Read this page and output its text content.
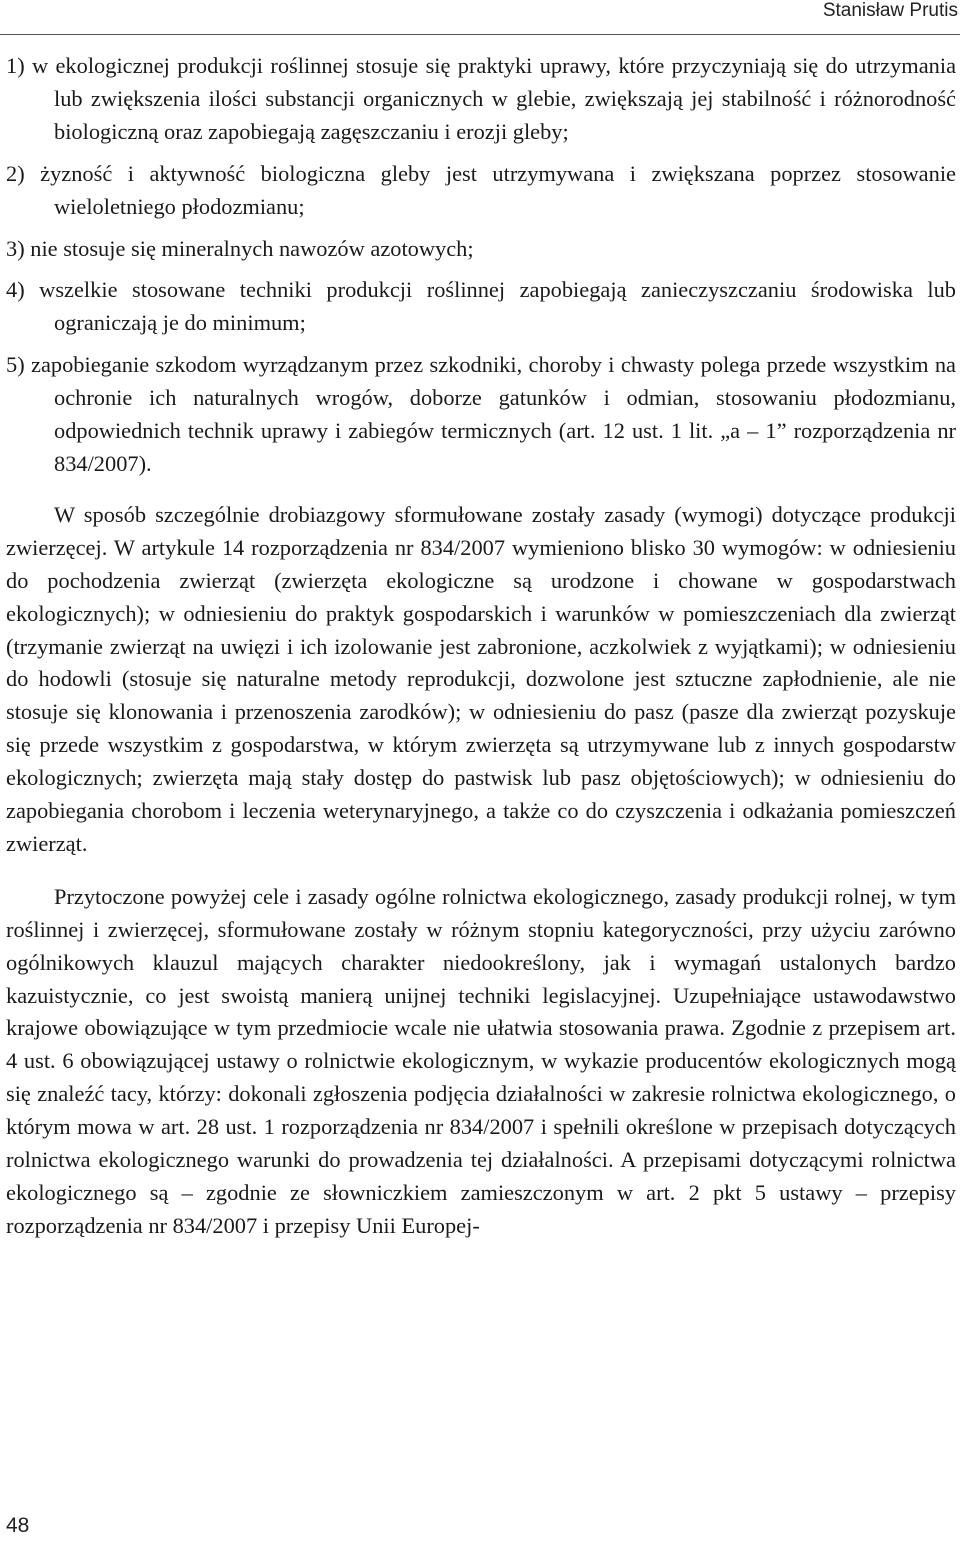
Stanisław Prutis
1) w ekologicznej produkcji roślinnej stosuje się praktyki uprawy, które przyczyniają się do utrzymania lub zwiększenia ilości substancji organicznych w glebie, zwiększają jej stabilność i różnorodność biologiczną oraz zapobiegają zagęszczaniu i erozji gleby;
2) żyzność i aktywność biologiczna gleby jest utrzymywana i zwiększana poprzez stosowanie wieloletniego płodozmianu;
3) nie stosuje się mineralnych nawozów azotowych;
4) wszelkie stosowane techniki produkcji roślinnej zapobiegają zanieczyszczaniu środowiska lub ograniczają je do minimum;
5) zapobieganie szkodom wyrządzanym przez szkodniki, choroby i chwasty polega przede wszystkim na ochronie ich naturalnych wrogów, doborze gatunków i odmian, stosowaniu płodozmianu, odpowiednich technik uprawy i zabiegów termicznych (art. 12 ust. 1 lit. „a – 1” rozporządzenia nr 834/2007).

W sposób szczególnie drobiazgowy sformułowane zostały zasady (wymogi) dotyczące produkcji zwierzęcej. W artykule 14 rozporządzenia nr 834/2007 wymieniono blisko 30 wymogów: w odniesieniu do pochodzenia zwierząt (zwierzęta ekologiczne są urodzone i chowane w gospodarstwach ekologicznych); w odniesieniu do praktyk gospodarskich i warunków w pomieszczeniach dla zwierząt (trzymanie zwierząt na uwięzi i ich izolowanie jest zabronione, aczkolwiek z wyjątkami); w odniesieniu do hodowli (stosuje się naturalne metody reprodukcji, dozwolone jest sztuczne zapłodnienie, ale nie stosuje się klonowania i przenoszenia zarodków); w odniesieniu do pasz (pasze dla zwierząt pozyskuje się przede wszystkim z gospodarstwa, w którym zwierzęta są utrzymywane lub z innych gospodarstw ekologicznych; zwierzęta mają stały dostęp do pastwisk lub pasz objętościowych); w odniesieniu do zapobiegania chorobom i leczenia weterynaryjnego, a także co do czyszczenia i odkażania pomieszczeń zwierząt.

Przytoczone powyżej cele i zasady ogólne rolnictwa ekologicznego, zasady produkcji rolnej, w tym roślinnej i zwierzęcej, sformułowane zostały w różnym stopniu kategoryczności, przy użyciu zarówno ogólnikowych klauzul mających charakter niedookreślony, jak i wymagań ustalonych bardzo kazuistycznie, co jest swoistą manierą unijnej techniki legislacyjnej. Uzupełniające ustawodawstwo krajowe obowiązujące w tym przedmiocie wcale nie ułatwia stosowania prawa. Zgodnie z przepisem art. 4 ust. 6 obowiązującej ustawy o rolnictwie ekologicznym, w wykazie producentów ekologicznych mogą się znaleźć tacy, którzy: dokonali zgłoszenia podjęcia działalności w zakresie rolnictwa ekologicznego, o którym mowa w art. 28 ust. 1 rozporządzenia nr 834/2007 i spełnili określone w przepisach dotyczących rolnictwa ekologicznego warunki do prowadzenia tej działalności. A przepisami dotyczącymi rolnictwa ekologicznego są – zgodnie ze słowniczkiem zamieszczonym w art. 2 pkt 5 ustawy – przepisy rozporządzenia nr 834/2007 i przepisy Unii Europej-

48
